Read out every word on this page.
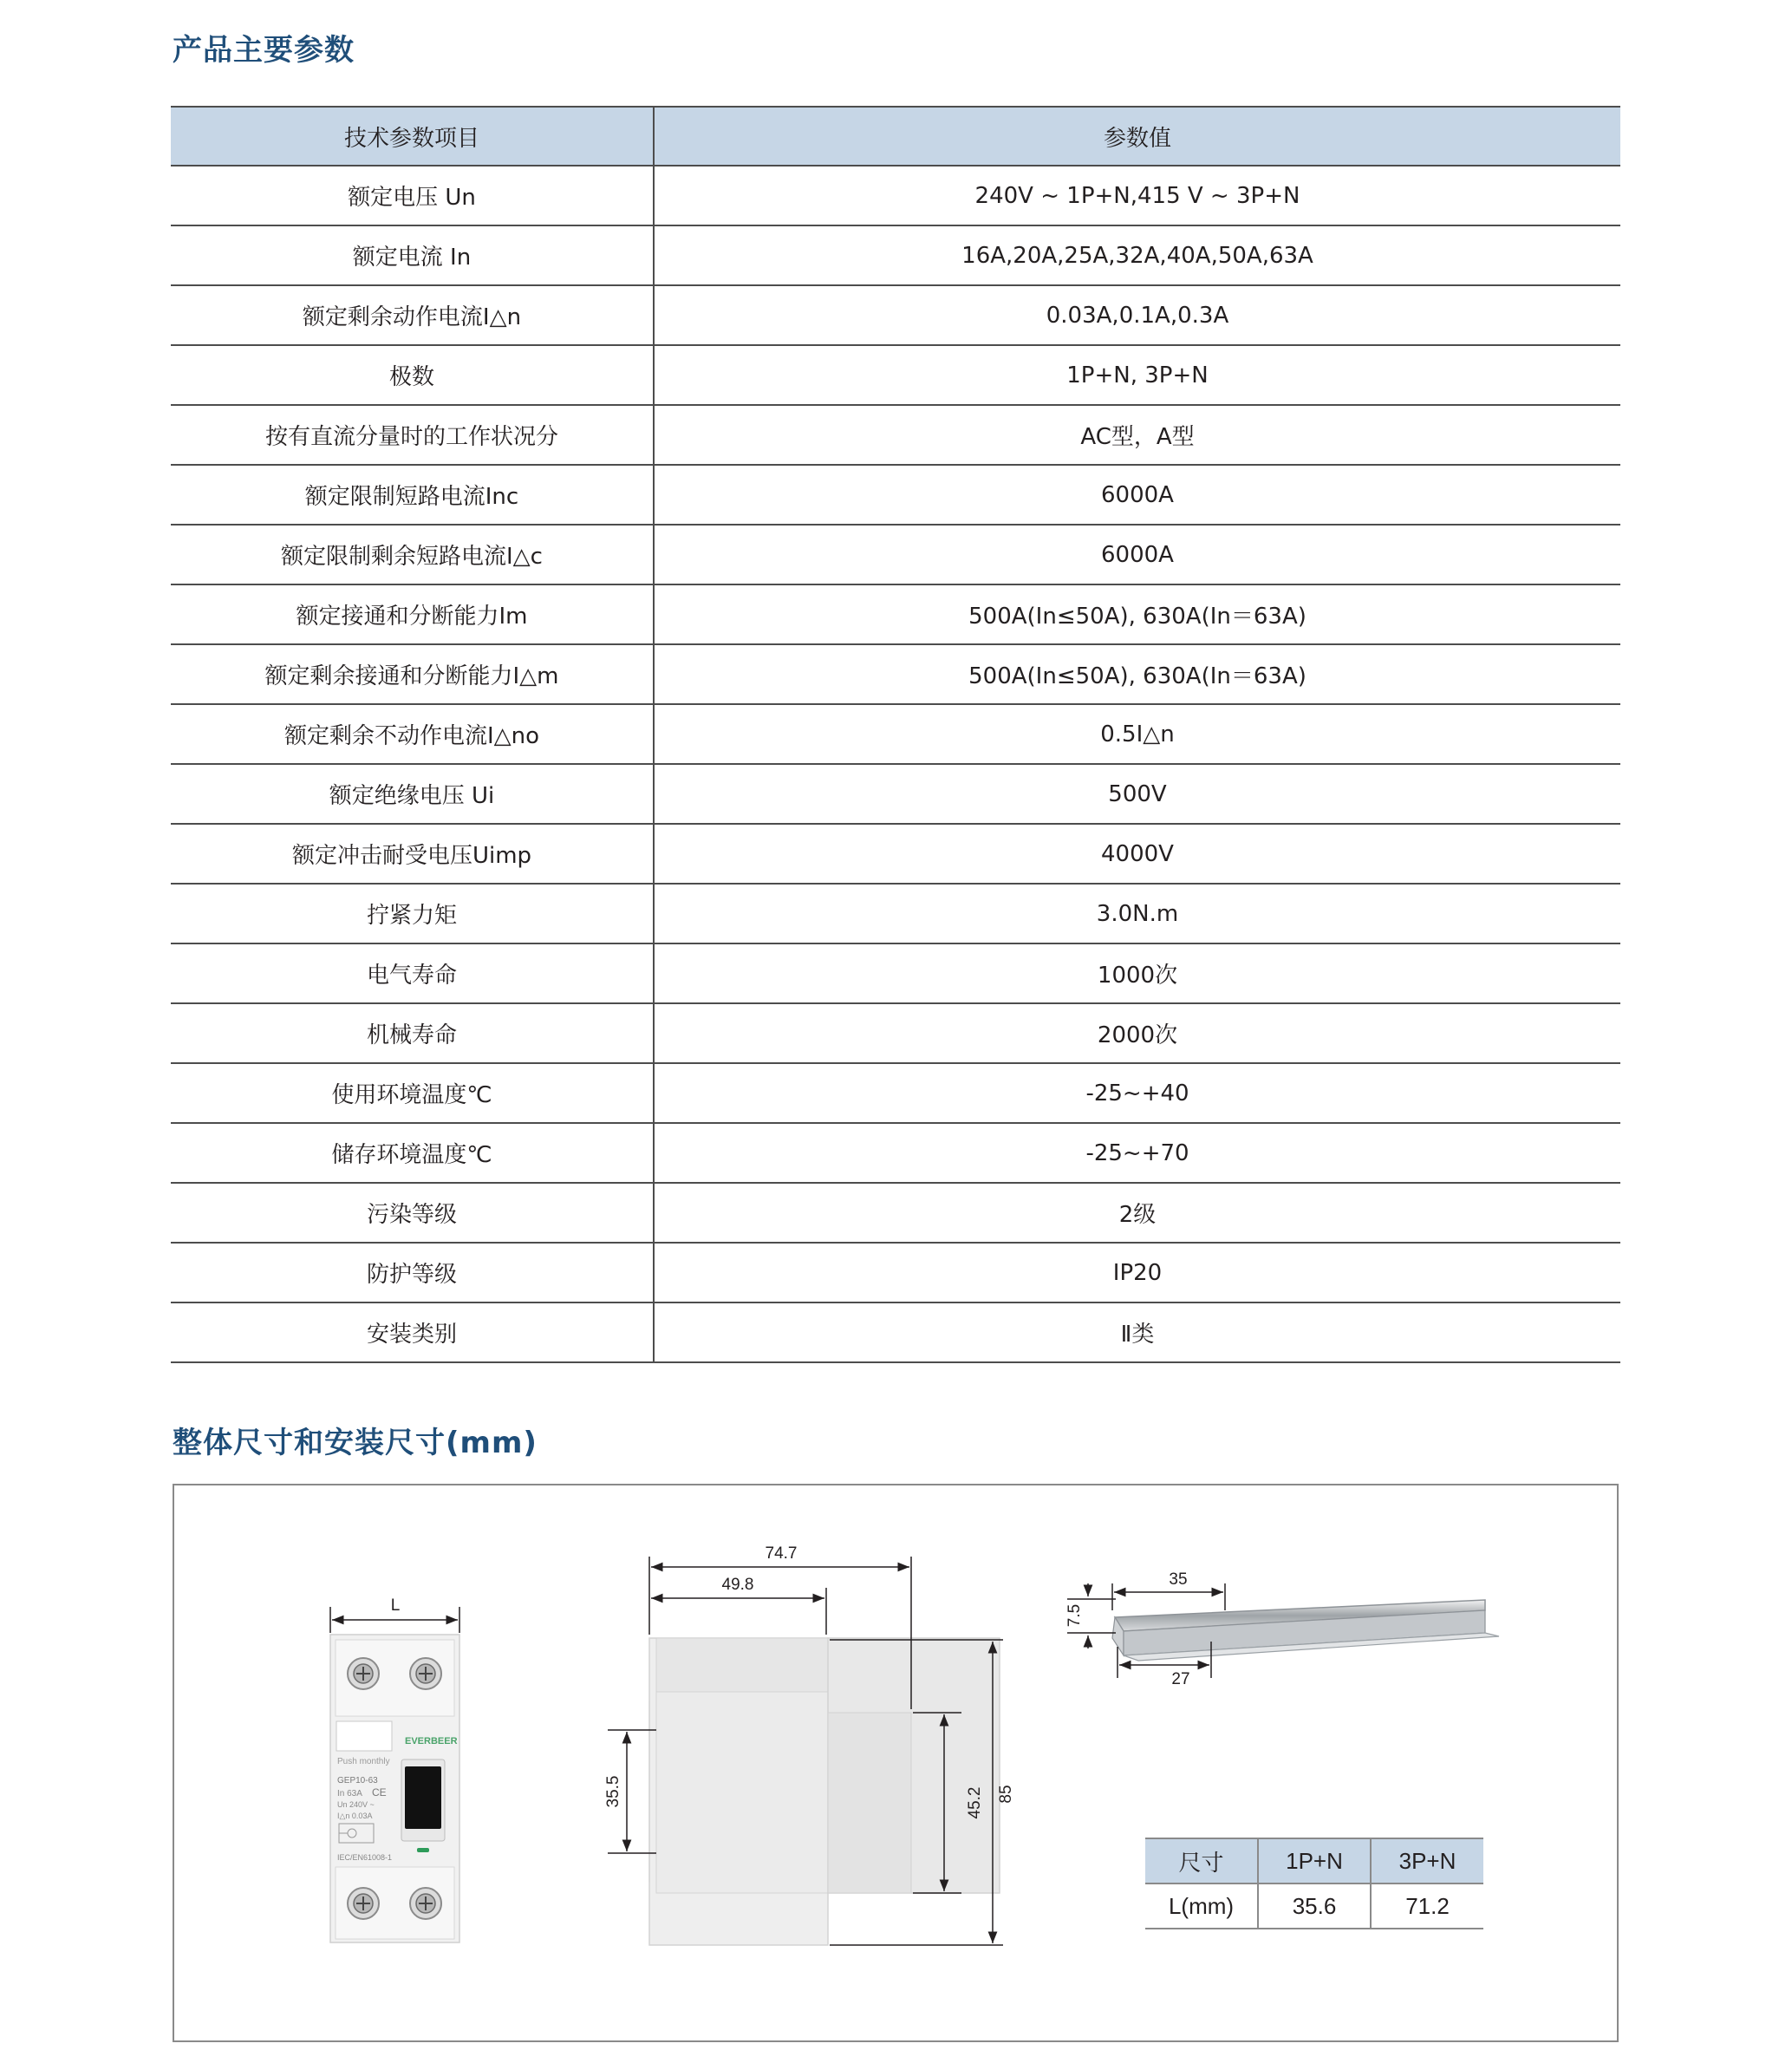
产品主要参数
技术参数项目	参数值
额定电压 Un	240V ~ 1P+N,415 V ~ 3P+N
额定电流 In	16A,20A,25A,32A,40A,50A,63A
额定剩余动作电流I△n	0.03A,0.1A,0.3A
极数	1P+N, 3P+N
按有直流分量时的工作状况分	AC型，A型
额定限制短路电流Inc	6000A
额定限制剩余短路电流I△c	6000A
额定接通和分断能力Im	500A(In≤50A), 630A(In＝63A)
额定剩余接通和分断能力I△m	500A(In≤50A), 630A(In＝63A)
额定剩余不动作电流I△no	0.5I△n
额定绝缘电压 Ui	500V
额定冲击耐受电压Uimp	4000V
拧紧力矩	3.0N.m
电气寿命	1000次
机械寿命	2000次
使用环境温度℃	-25~+40
储存环境温度℃	-25~+70
污染等级	2级
防护等级	IP20
安装类别	Ⅱ类
整体尺寸和安装尺寸(mm)
L
Push monthly
EVERBEER
GEP10-63
In 63A CE
Un 240V ~
I△n 0.03A
IEC/EN61008-1
74.7
49.8
35.5	45.2 85
35
7.5
27
尺寸	1P+N	3P+N
L(mm)	35.6	71.2
